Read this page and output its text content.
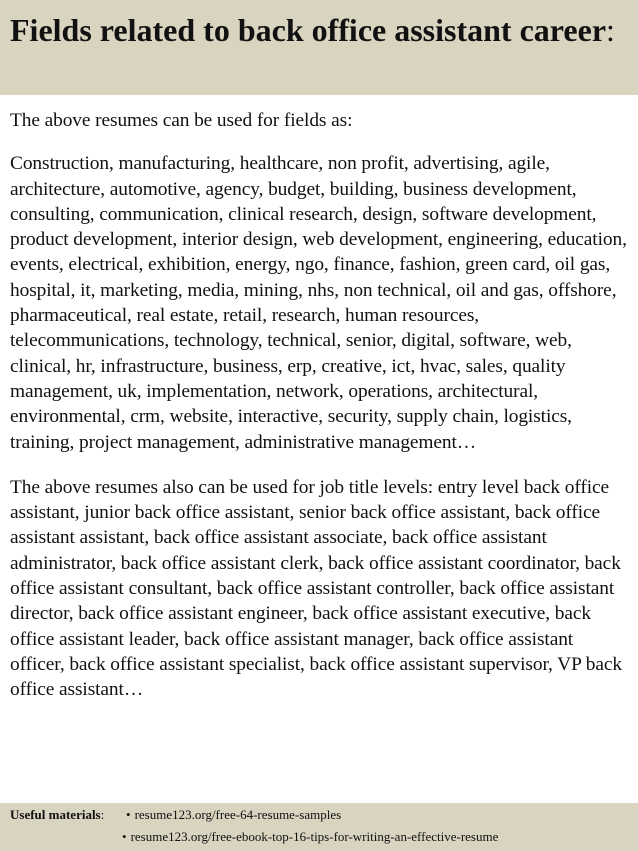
Fields related to back office assistant career:

The above resumes can be used for fields as:

Construction, manufacturing, healthcare, non profit, advertising, agile, architecture, automotive, agency, budget, building, business development, consulting, communication, clinical research, design, software development, product development, interior design, web development, engineering, education, events, electrical, exhibition, energy, ngo, finance, fashion, green card, oil gas, hospital, it, marketing, media, mining, nhs, non technical, oil and gas, offshore, pharmaceutical, real estate, retail, research, human resources, telecommunications, technology, technical, senior, digital, software, web, clinical, hr, infrastructure, business, erp, creative, ict, hvac, sales, quality management, uk, implementation, network, operations, architectural, environmental, crm, website, interactive, security, supply chain, logistics, training, project management, administrative management…

The above resumes also can be used for job title levels: entry level back office assistant, junior back office assistant, senior back office assistant, back office assistant assistant, back office assistant associate, back office assistant administrator, back office assistant clerk, back office assistant coordinator, back office assistant consultant, back office assistant controller, back office assistant director, back office assistant engineer, back office assistant executive, back office assistant leader, back office assistant manager, back office assistant officer, back office assistant specialist, back office assistant supervisor, VP back office assistant…

Useful materials: • resume123.org/free-64-resume-samples
• resume123.org/free-ebook-top-16-tips-for-writing-an-effective-resume
